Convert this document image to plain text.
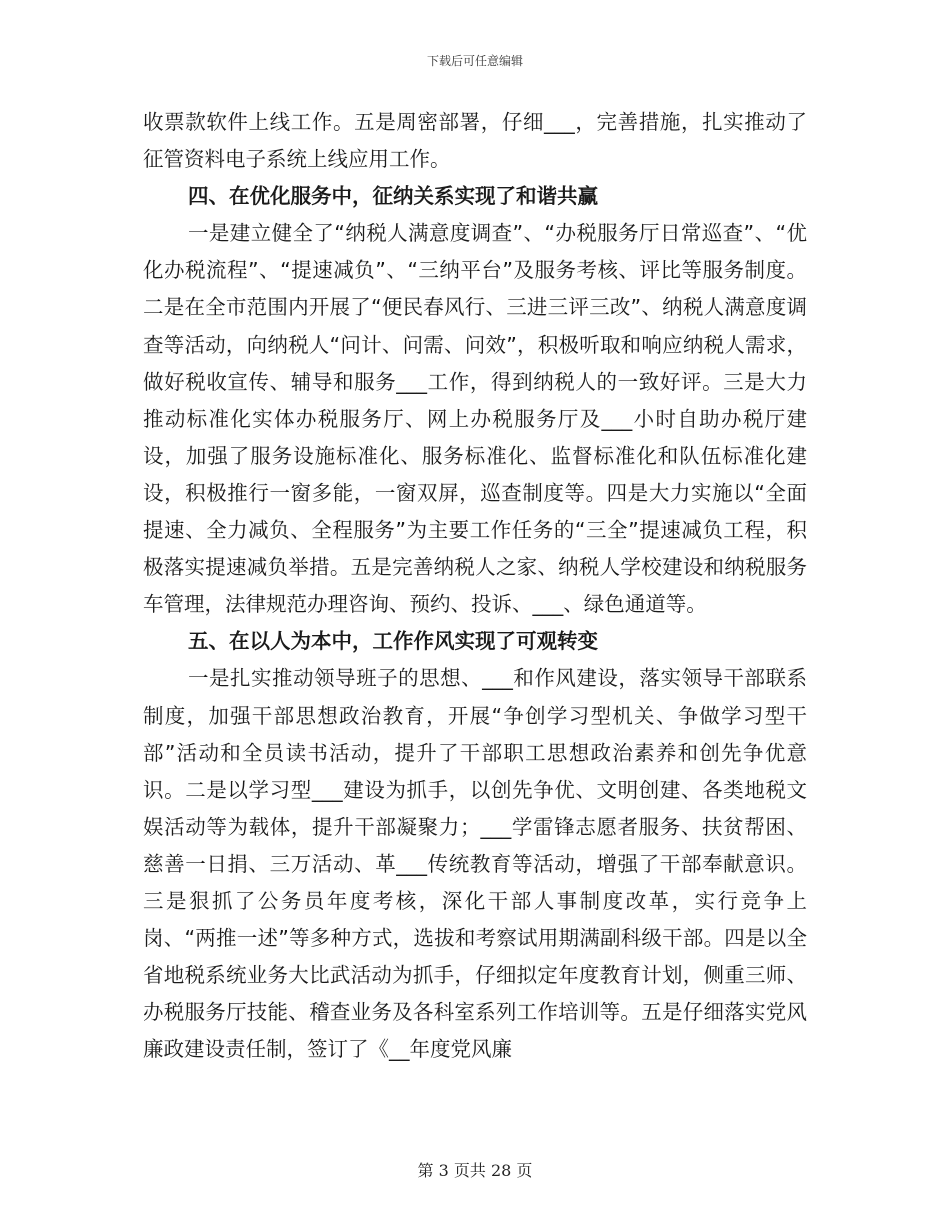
下载后可任意编辑

收票款软件上线工作。五是周密部署，仔细___，完善措施，扎实推动了征管资料电子系统上线应用工作。

四、在优化服务中，征纳关系实现了和谐共赢

一是建立健全了“纳税人满意度调查”、“办税服务厅日常巡查”、“优化办税流程”、“提速减负”、“三纳平台”及服务考核、评比等服务制度。二是在全市范围内开展了“便民春风行、三进三评三改”、纳税人满意度调查等活动，向纳税人“问计、问需、问效”，积极听取和响应纳税人需求，做好税收宣传、辅导和服务___工作，得到纳税人的一致好评。三是大力推动标准化实体办税服务厅、网上办税服务厅及___小时自助办税厅建设，加强了服务设施标准化、服务标准化、监督标准化和队伍标准化建设，积极推行一窗多能，一窗双屏，巡查制度等。四是大力实施以“全面提速、全力减负、全程服务”为主要工作任务的“三全”提速减负工程，积极落实提速减负举措。五是完善纳税人之家、纳税人学校建设和纳税服务车管理，法律规范办理咨询、预约、投诉、___、绿色通道等。

五、在以人为本中，工作作风实现了可观转变

一是扎实推动领导班子的思想、___和作风建设，落实领导干部联系制度，加强干部思想政治教育，开展“争创学习型机关、争做学习型干部”活动和全员读书活动，提升了干部职工思想政治素养和创先争优意识。二是以学习型___建设为抓手，以创先争优、文明创建、各类地税文娱活动等为载体，提升干部凝聚力；___学雷锋志愿者服务、扶贫帮困、慈善一日捐、三万活动、革___传统教育等活动，增强了干部奉献意识。三是狠抓了公务员年度考核，深化干部人事制度改革，实行竞争上岗、“两推一述”等多种方式，选拔和考察试用期满副科级干部。四是以全省地税系统业务大比武活动为抓手，仔细拟定年度教育计划，侧重三师、办税服务厅技能、稽查业务及各科室系列工作培训等。五是仔细落实党风廉政建设责任制，签订了《__年度党风廉

第 3 页共 28 页
